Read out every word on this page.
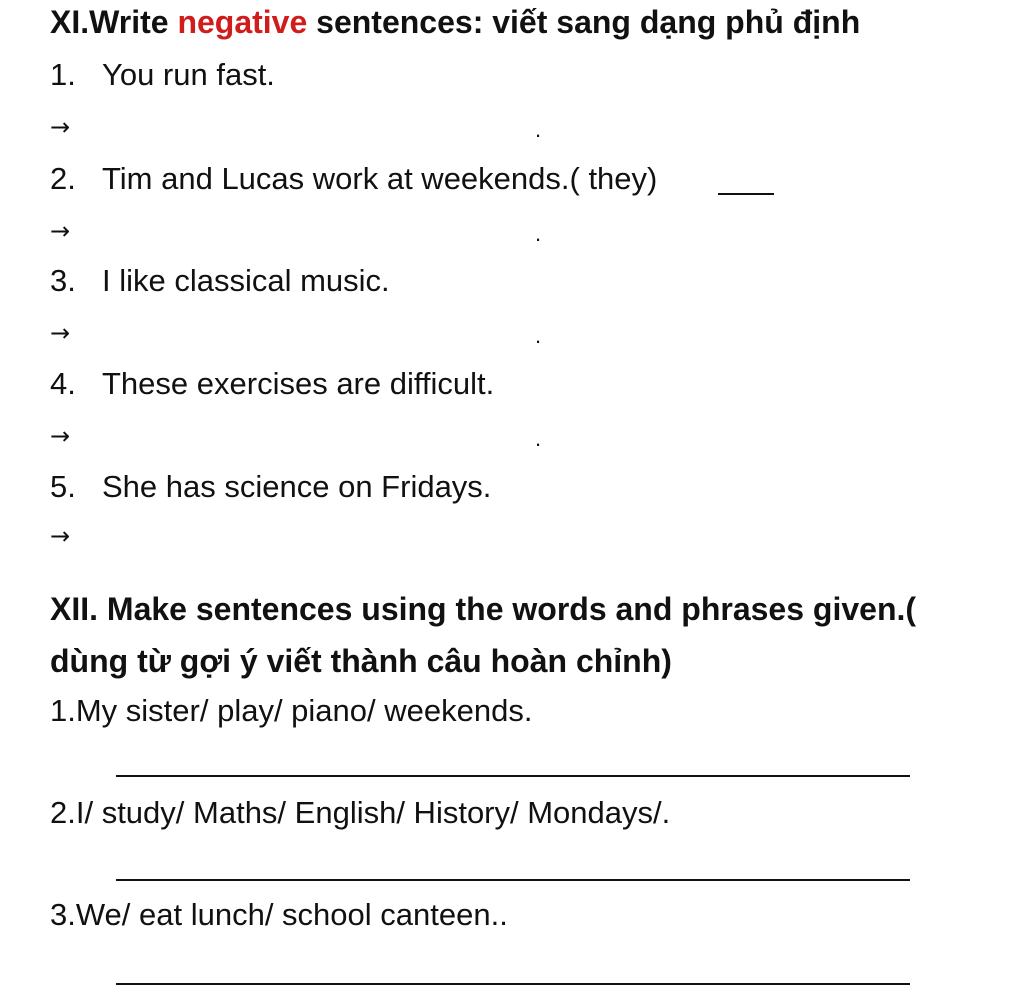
XI.Write negative sentences: viết sang dạng phủ định
1. You run fast.
→	.
2. Tim and Lucas work at weekends.( they)
→	.
3. I like classical music.
→	.
4. These exercises are difficult.
→	.
5. She has science on Fridays.
→
XII. Make sentences using the words and phrases given.(
dùng từ gợi ý viết thành câu hoàn chỉnh)
1.My sister/ play/ piano/ weekends.
2.I/ study/ Maths/ English/ History/ Mondays/.
3.We/ eat lunch/ school canteen..
